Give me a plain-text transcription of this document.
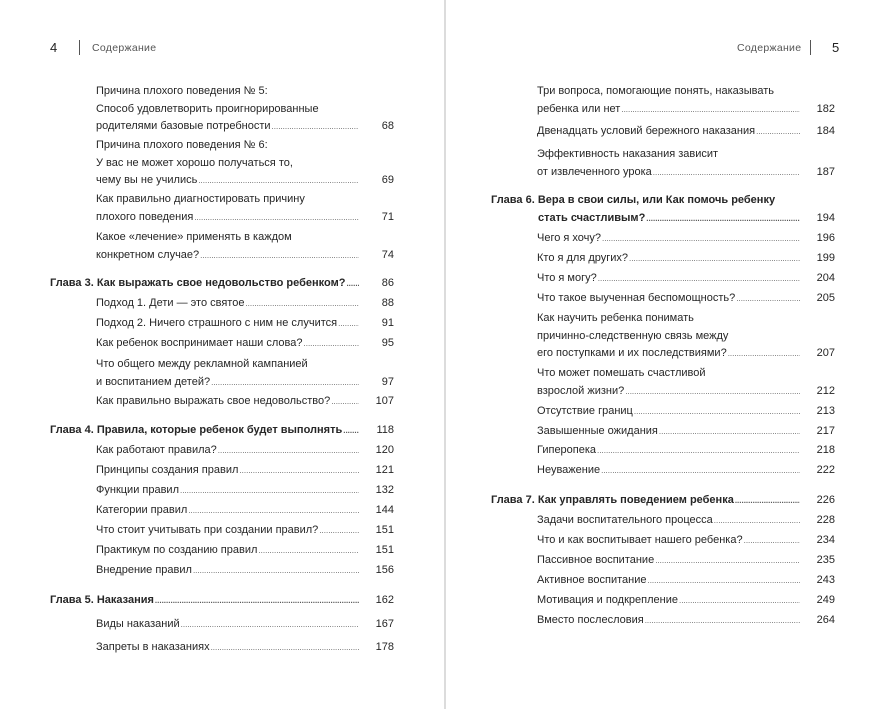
4	Содержание	Содержание 5
Причина плохого поведения № 5:
Способ удовлетворить проигнорированные
родителями базовые потребности .....	68
Причина плохого поведения № 6:
У вас не может хорошо получаться то,
чему вы не учились .....	69
Как правильно диагностировать причину
плохого поведения .....	71
Какое «лечение» применять в каждом
конкретном случае? .....	74
Глава 3. Как выражать свое недовольство ребенком? .....	86
Подход 1. Дети — это святое .....	88
Подход 2. Ничего страшного с ним не случится .....	91
Как ребенок воспринимает наши слова? .....	95
Что общего между рекламной кампанией
и воспитанием детей? .....	97
Как правильно выражать свое недовольство? .....	107
Глава 4. Правила, которые ребенок будет выполнять .....	118
Как работают правила? .....	120
Принципы создания правил .....	121
Функции правил .....	132
Категории правил .....	144
Что стоит учитывать при создании правил? .....	151
Практикум по созданию правил .....	151
Внедрение правил .....	156
Глава 5. Наказания .....	162
Виды наказаний .....	167
Запреты в наказаниях .....	178
Три вопроса, помогающие понять, наказывать
ребенка или нет .....	182
Двенадцать условий бережного наказания .....	184
Эффективность наказания зависит
от извлеченного урока .....	187
Глава 6. Вера в свои силы, или Как помочь ребенку
стать счастливым? .....	194
Чего я хочу? .....	196
Кто я для других? .....	199
Что я могу? .....	204
Что такое выученная беспомощность? .....	205
Как научить ребенка понимать
причинно-следственную связь между
его поступками и их последствиями? .....	207
Что может помешать счастливой
взрослой жизни? .....	212
Отсутствие границ .....	213
Завышенные ожидания .....	217
Гиперопека .....	218
Неуважение .....	222
Глава 7. Как управлять поведением ребенка .....	226
Задачи воспитательного процесса .....	228
Что и как воспитывает нашего ребенка? .....	234
Пассивное воспитание .....	235
Активное воспитание .....	243
Мотивация и подкрепление .....	249
Вместо послесловия .....	264
